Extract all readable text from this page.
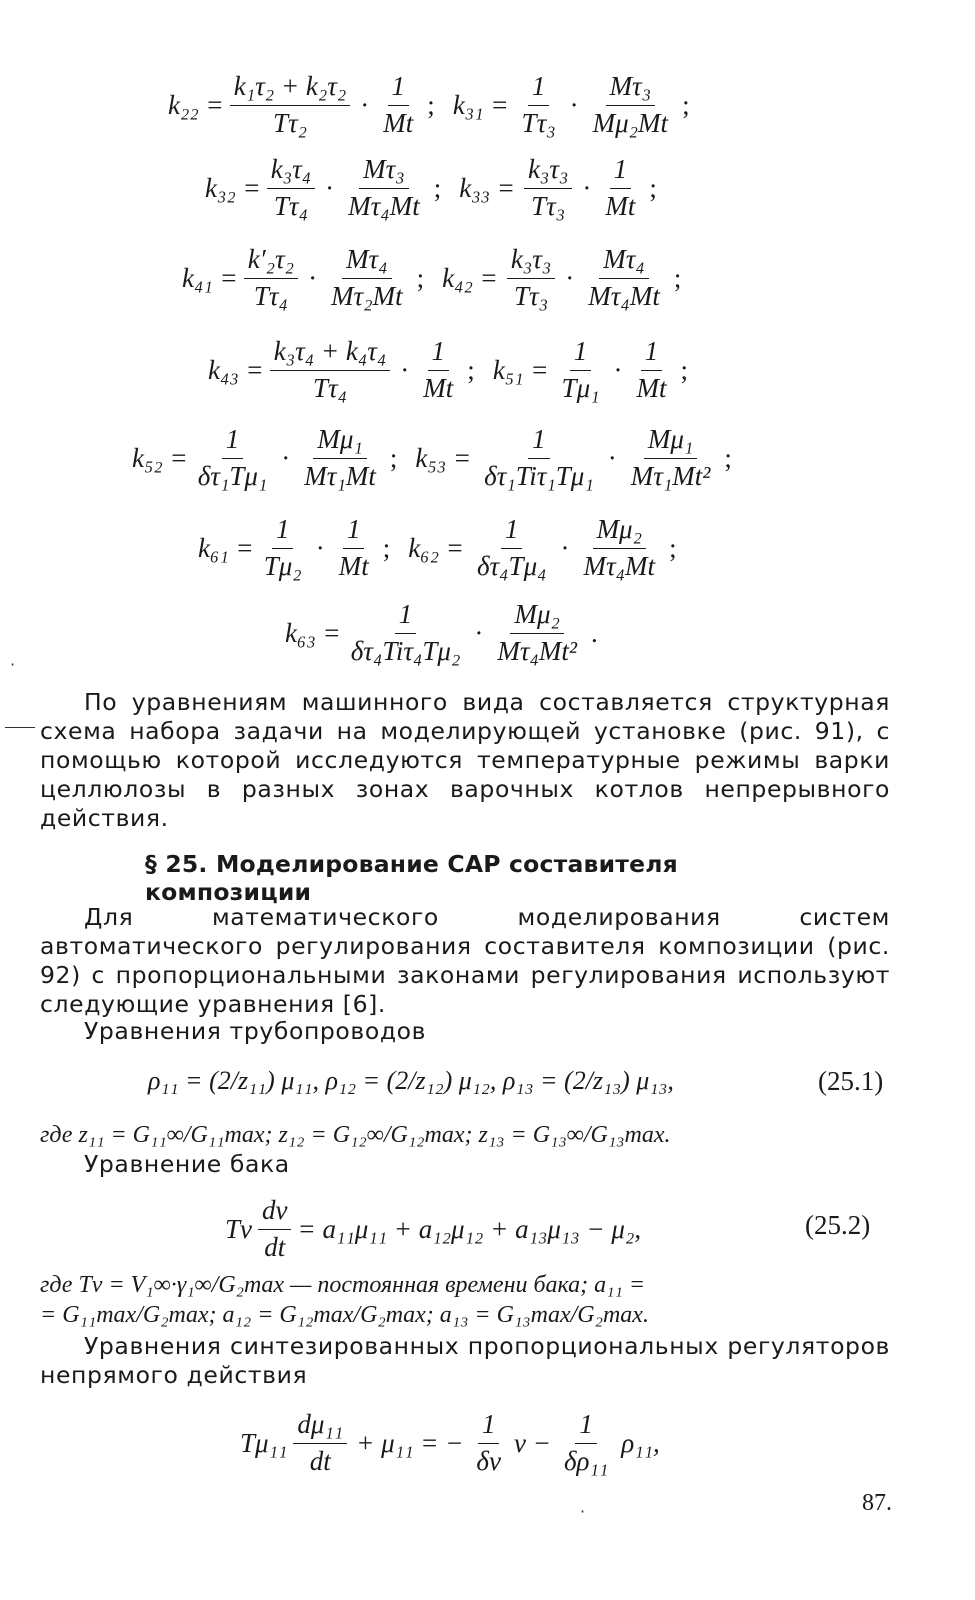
$k_{22} = \frac{\text{k₁τ₂ + k₂τ₂}}{\text{Tτ₂}} \cdot \frac{1}{Mt}$ ; $k_{31} = \frac{1}{\text{Tτ₃}} \cdot \frac{\text{Mτ₃}}{\text{Mμ₂Mt}}$ ;
$k_{32} = \frac{\text{k₃τ₄}}{\text{Tτ₄}} \cdot \frac{\text{Mτ₃}}{\text{Mτ₄Mt}}$ ; $k_{33} = \frac{\text{k₃τ₃}}{\text{Tτ₃}} \cdot \frac{1}{Mt}$ ;
$k_{41} = \frac{\text{k′₂τ₂}}{\text{Tτ₄}} \cdot \frac{\text{Mτ₄}}{\text{Mτ₂Mt}}$ ; $k_{42} = \frac{\text{k₃τ₃}}{\text{Tτ₃}} \cdot \frac{\text{Mτ₄}}{\text{Mτ₄Mt}}$ ;
$k_{43} = \frac{\text{k₃τ₄ + k₄τ₄}}{\text{Tτ₄}} \cdot \frac{1}{Mt}$ ; $k_{51} = \frac{1}{\text{Tμ₁}} \cdot \frac{1}{Mt}$ ;
$k_{52} = \frac{1}{\text{δτ₁Tμ₁}} \cdot \frac{\text{Mμ₁}}{\text{Mτ₁Mt}}$ ; $k_{53} = \frac{1}{\text{δτ₁Tiτ₁Tμ₁}} \cdot \frac{\text{Mμ₁}}{\text{Mτ₁Mt²}}$ ;
$k_{61} = \frac{1}{\text{Tμ₂}} \cdot \frac{1}{Mt}$ ; $k_{62} = \frac{1}{\text{δτ₄Tμ₄}} \cdot \frac{\text{Mμ₂}}{\text{Mτ₄Mt}}$ ;
$k_{63} = \frac{1}{\text{δτ₄Tiτ₄Tμ₂}} \cdot \frac{\text{Mμ₂}}{\text{Mτ₄Mt²}}$ .
По уравнениям машинного вида составляется структурная схема набора задачи на моделирующей установке (рис. 91), с помощью которой исследуются температурные режимы варки целлюлозы в разных зонах варочных котлов непрерывного действия.
§ 25. Моделирование САР составителя композиции
Для математического моделирования систем автоматического регулирования составителя композиции (рис. 92) с пропорциональными законами регулирования используют следующие уравнения [6].
Уравнения трубопроводов
ρ₁₁ = (2/z₁₁) μ₁₁, ρ₁₂ = (2/z₁₂) μ₁₂, ρ₁₃ = (2/z₁₃) μ₁₃,	(25.1)
где z₁₁ = G₁₁∞/G₁₁max; z₁₂ = G₁₂∞/G₁₂max; z₁₃ = G₁₃∞/G₁₃max.
Уравнение бака
Tν $\frac{d\nu}{dt} = a_{11}\mu_{11} + a_{12}\mu_{12} + a_{13}\mu_{13} - \mu_2$,	(25.2)
где Tν = V₁∞·γ₁∞/G₂max — постоянная времени бака; a₁₁ =
= G₁₁max/G₂max; a₁₂ = G₁₂max/G₂max; a₁₃ = G₁₃max/G₂max.
Уравнения синтезированных пропорциональных регуляторов непрямого действия
$T\mu_{11} \frac{\text{dμ₁₁}}{dt} + \mu_{11}$ = − $\frac{1}{\delta\nu}$ $\nu - \frac{1}{\text{δρ₁₁}} \rho_{11}$,
87.
·
·
